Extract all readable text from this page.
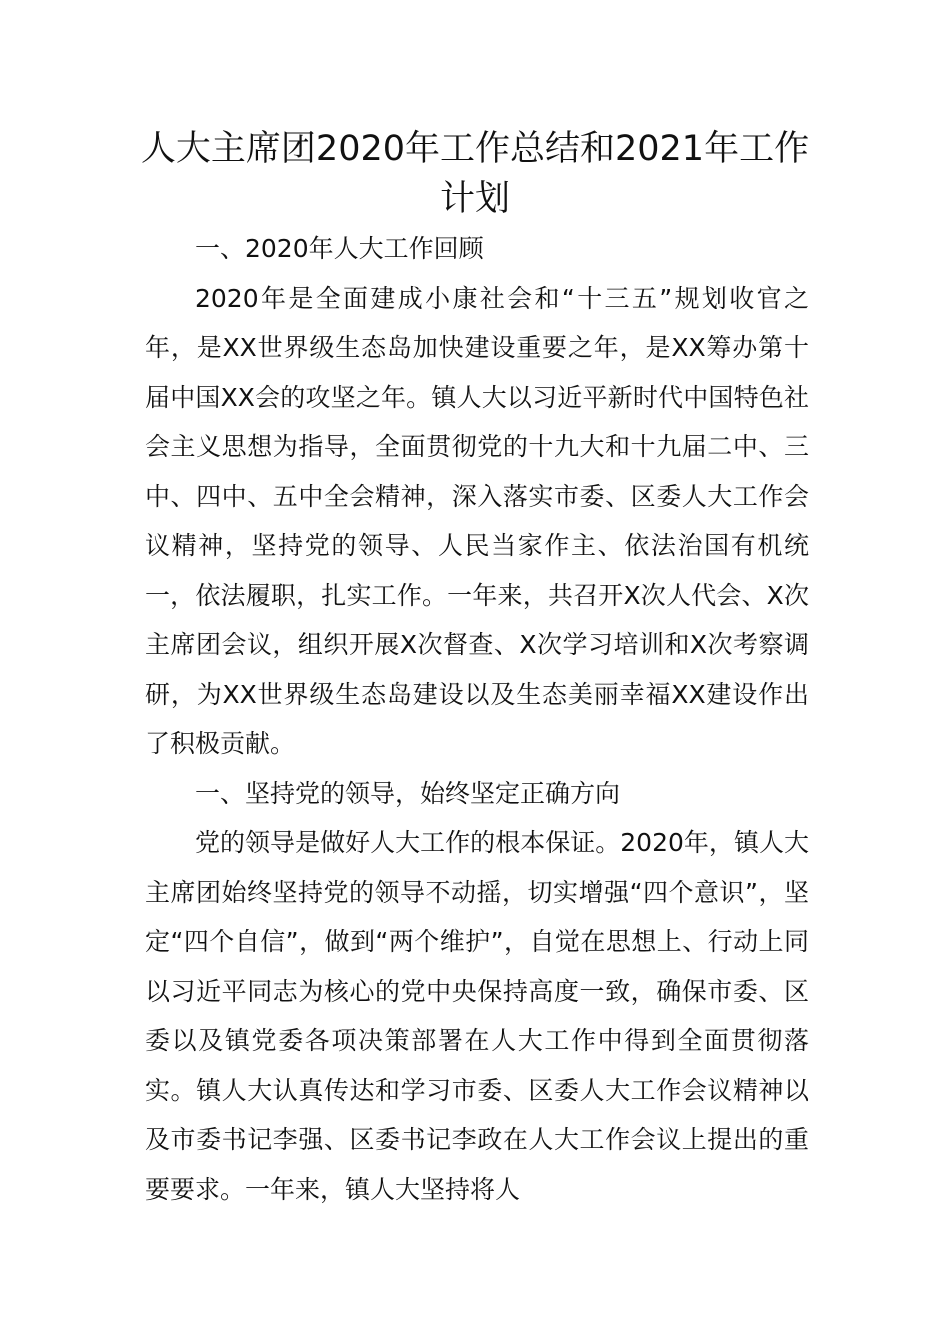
人大主席团2020年工作总结和2021年工作计划

一、2020年人大工作回顾

2020年是全面建成小康社会和“十三五”规划收官之年，是XX世界级生态岛加快建设重要之年，是XX筹办第十届中国XX会的攻坚之年。镇人大以习近平新时代中国特色社会主义思想为指导，全面贯彻党的十九大和十九届二中、三中、四中、五中全会精神，深入落实市委、区委人大工作会议精神，坚持党的领导、人民当家作主、依法治国有机统一，依法履职，扎实工作。一年来，共召开X次人代会、X次主席团会议，组织开展X次督查、X次学习培训和X次考察调研，为XX世界级生态岛建设以及生态美丽幸福XX建设作出了积极贡献。

一、坚持党的领导，始终坚定正确方向

党的领导是做好人大工作的根本保证。2020年，镇人大主席团始终坚持党的领导不动摇，切实增强“四个意识”，坚定“四个自信”，做到“两个维护”，自觉在思想上、行动上同以习近平同志为核心的党中央保持高度一致，确保市委、区委以及镇党委各项决策部署在人大工作中得到全面贯彻落实。镇人大认真传达和学习市委、区委人大工作会议精神以及市委书记李强、区委书记李政在人大工作会议上提出的重要要求。一年来，镇人大坚持将人
